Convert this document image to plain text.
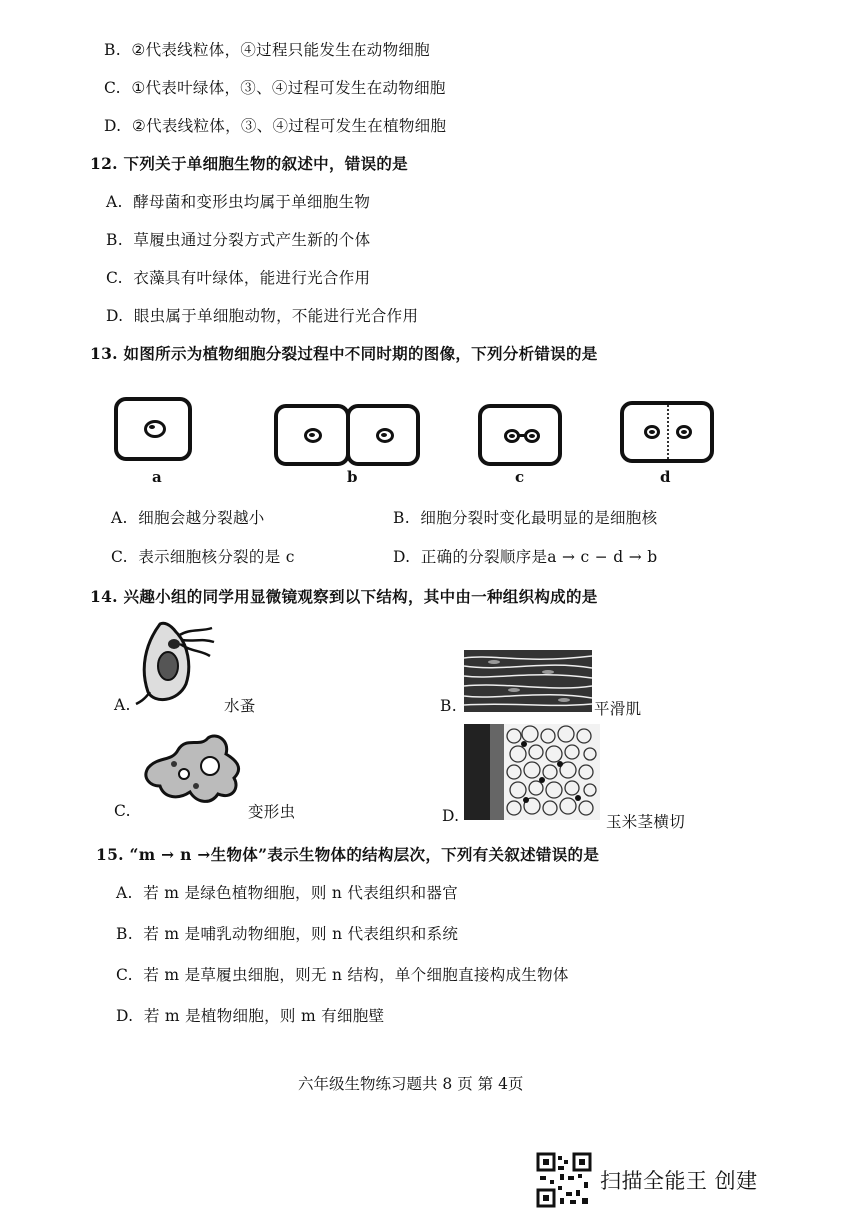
B. ②代表线粒体，④过程只能发生在动物细胞
C. ①代表叶绿体，③、④过程可发生在动物细胞
D. ②代表线粒体，③、④过程可发生在植物细胞
12. 下列关于单细胞生物的叙述中，错误的是
A. 酵母菌和变形虫均属于单细胞生物
B. 草履虫通过分裂方式产生新的个体
C. 衣藻具有叶绿体，能进行光合作用
D. 眼虫属于单细胞动物，不能进行光合作用
13. 如图所示为植物细胞分裂过程中不同时期的图像，下列分析错误的是
a	b	c	d
A. 细胞会越分裂越小	B. 细胞分裂时变化最明显的是细胞核
C. 表示细胞核分裂的是 c	D. 正确的分裂顺序是a → c − d → b
14. 兴趣小组的同学用显微镜观察到以下结构，其中由一种组织构成的是
A.	水蚤	B.	平滑肌
C.	变形虫	D.	玉米茎横切
15. “m → n →生物体”表示生物体的结构层次，下列有关叙述错误的是
A. 若 m 是绿色植物细胞，则 n 代表组织和器官
B. 若 m 是哺乳动物细胞，则 n 代表组织和系统
C. 若 m 是草履虫细胞，则无 n 结构，单个细胞直接构成生物体
D. 若 m 是植物细胞，则 m 有细胞壁
六年级生物练习题共 8 页 第 4页
扫描全能王 创建
